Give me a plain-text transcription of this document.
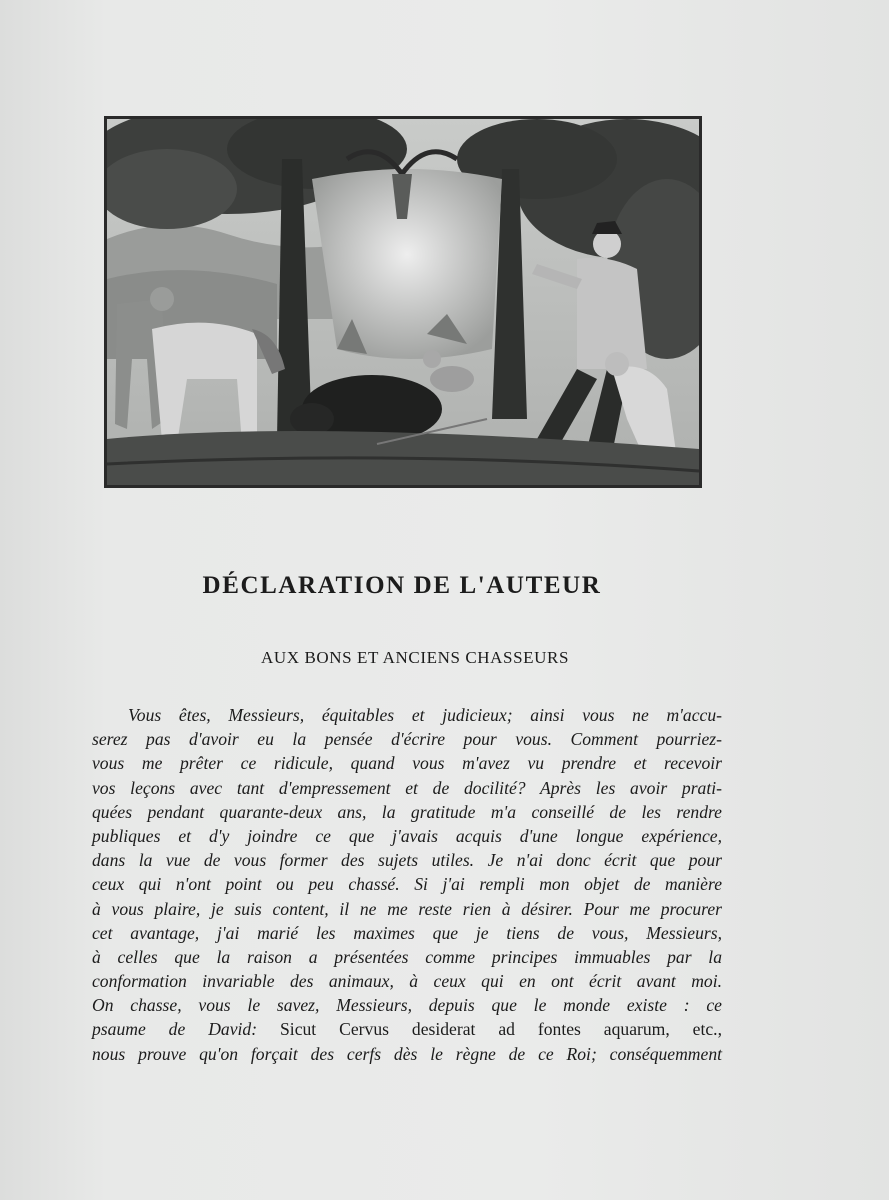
DÉCLARATION DE L'AUTEUR
AUX BONS ET ANCIENS CHASSEURS
Vous êtes, Messieurs, équitables et judicieux; ainsi vous ne m'accu-
serez pas d'avoir eu la pensée d'écrire pour vous. Comment pourriez-
vous me prêter ce ridicule, quand vous m'avez vu prendre et recevoir
vos leçons avec tant d'empressement et de docilité? Après les avoir prati-
quées pendant quarante-deux ans, la gratitude m'a conseillé de les rendre
publiques et d'y joindre ce que j'avais acquis d'une longue expérience,
dans la vue de vous former des sujets utiles. Je n'ai donc écrit que pour
ceux qui n'ont point ou peu chassé. Si j'ai rempli mon objet de manière
à vous plaire, je suis content, il ne me reste rien à désirer. Pour me procurer
cet avantage, j'ai marié les maximes que je tiens de vous, Messieurs,
à celles que la raison a présentées comme principes immuables par la
conformation invariable des animaux, à ceux qui en ont écrit avant moi.
On chasse, vous le savez, Messieurs, depuis que le monde existe : ce
psaume de David: Sicut Cervus desiderat ad fontes aquarum, etc.,
nous prouve qu'on forçait des cerfs dès le règne de ce Roi; conséquemment
